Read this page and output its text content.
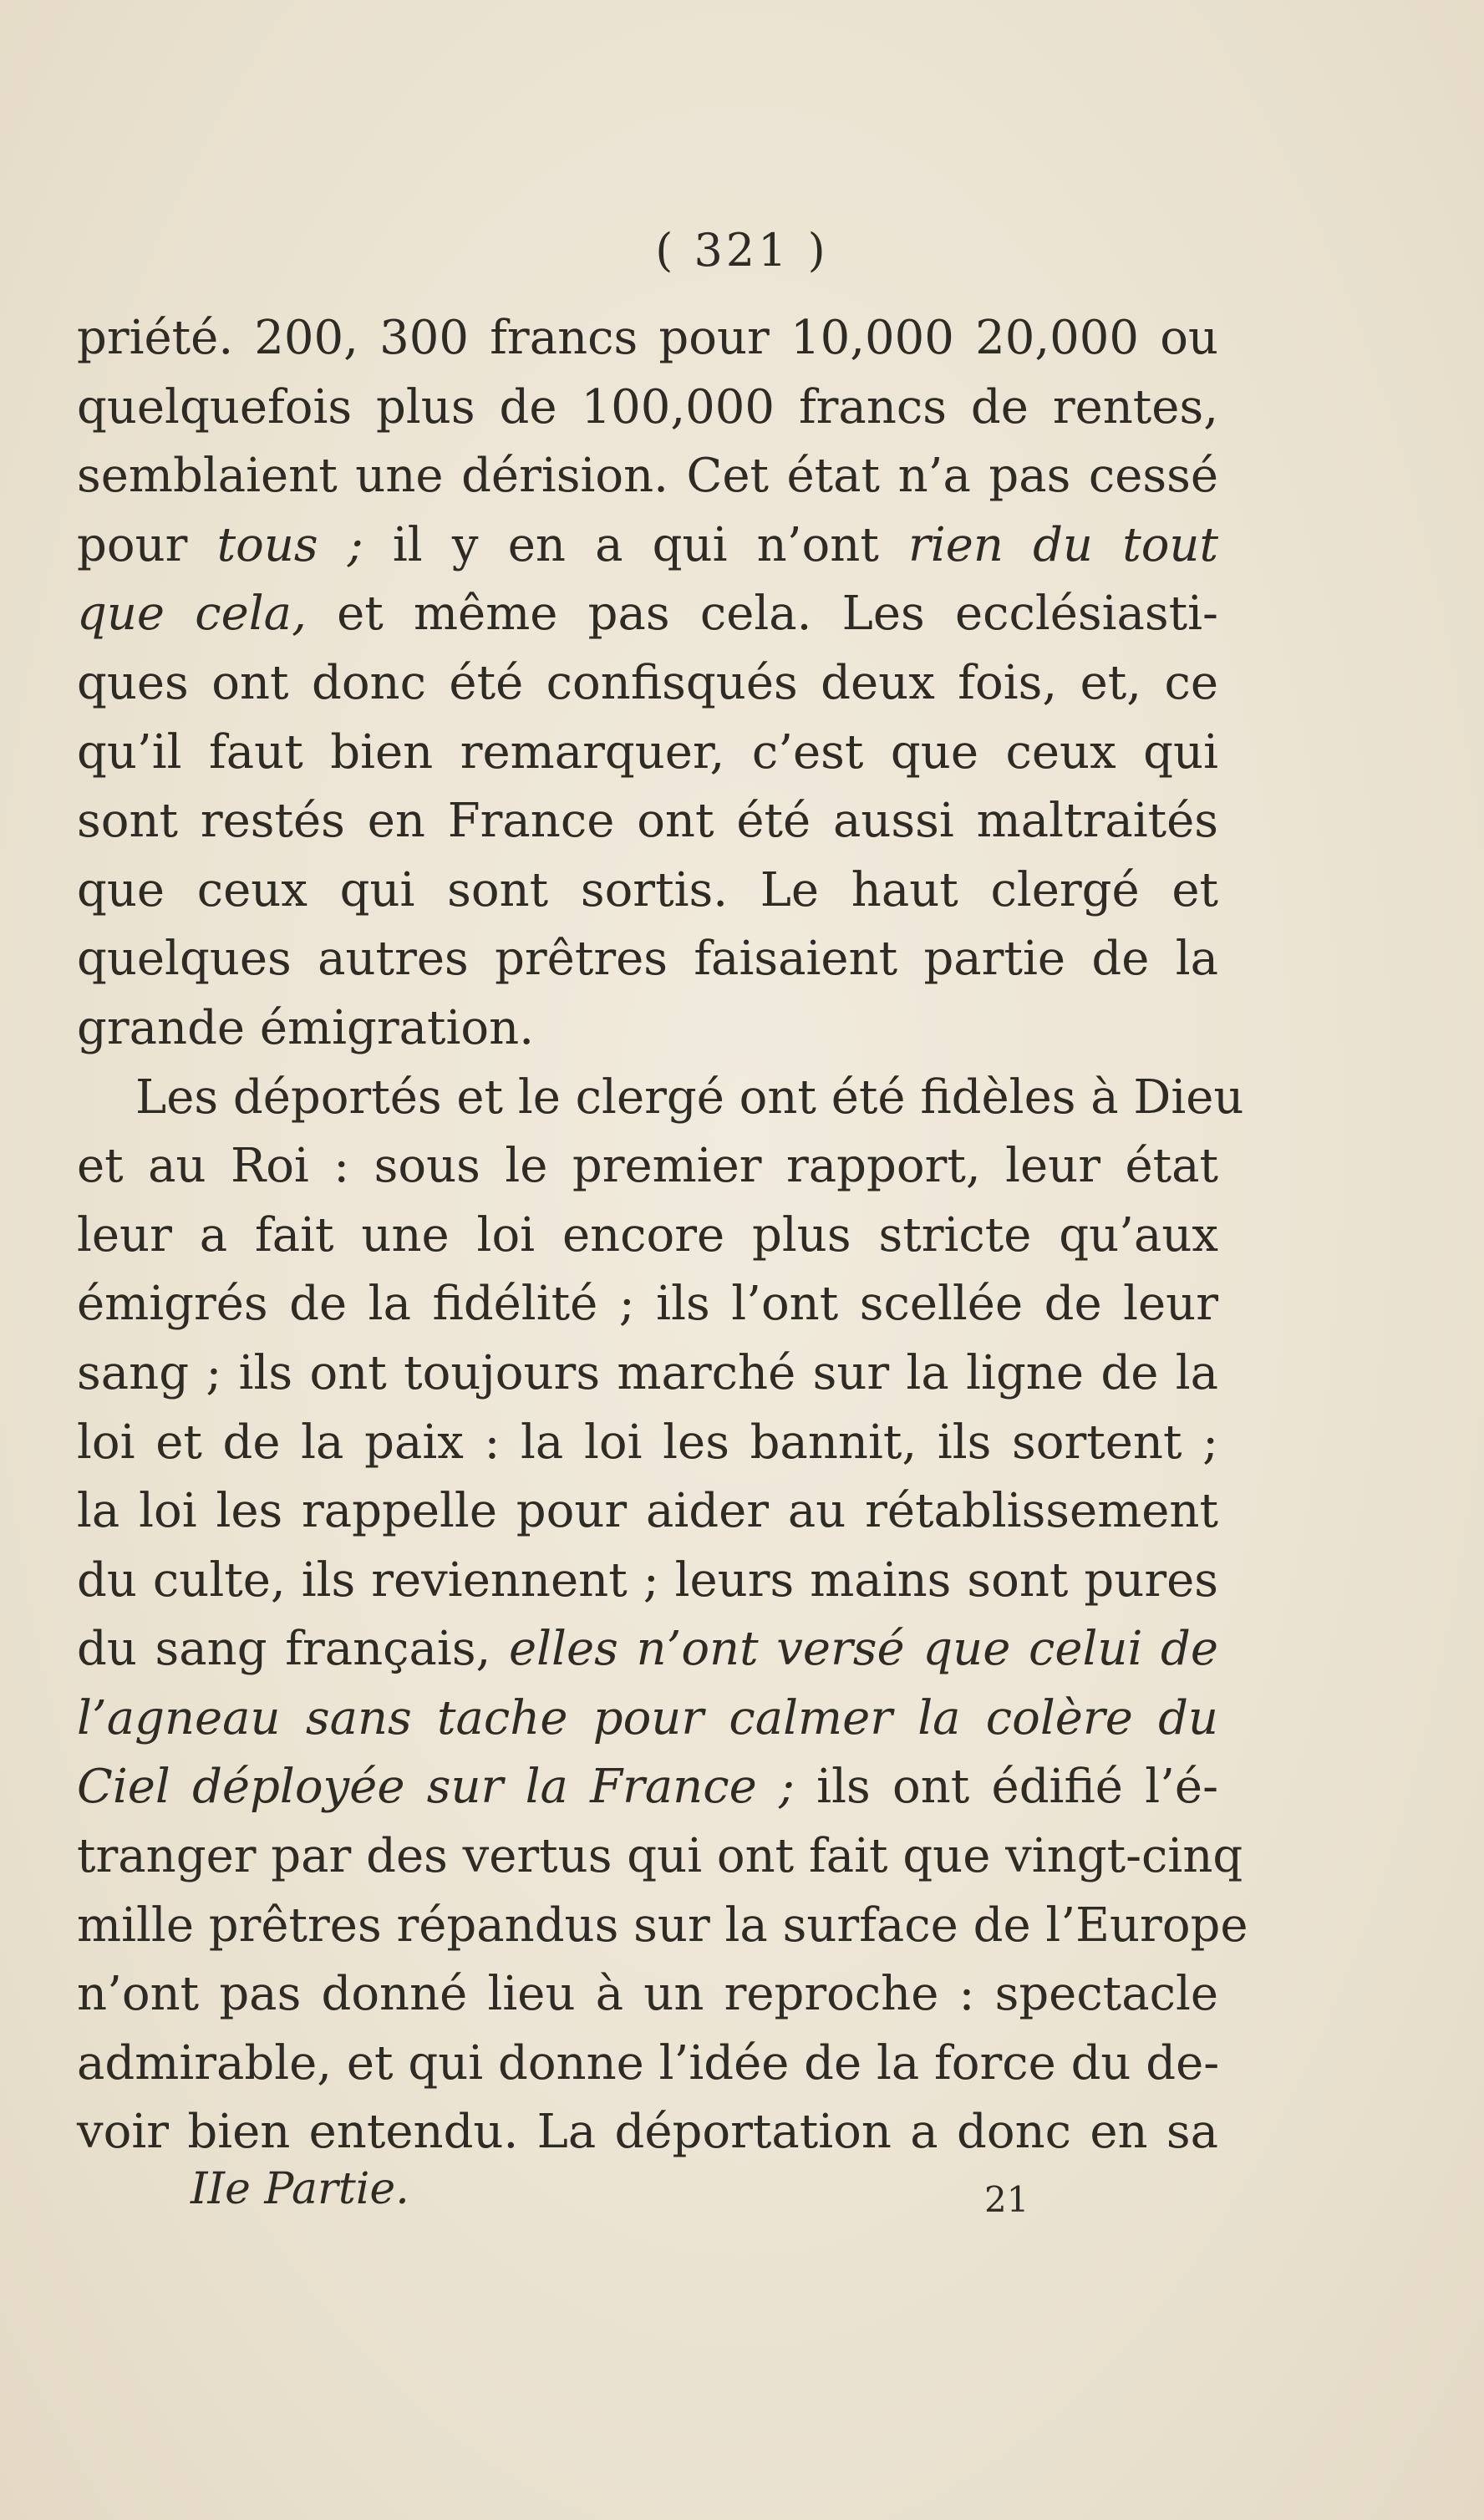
( 321 )
priété. 200, 300 francs pour 10,000 20,000 ou
quelquefois plus de 100,000 francs de rentes,
semblaient une dérision. Cet état n’a pas cessé
pour tous ; il y en a qui n’ont rien du tout
que cela, et même pas cela. Les ecclésiasti-
ques ont donc été confisqués deux fois, et, ce
qu’il faut bien remarquer, c’est que ceux qui
sont restés en France ont été aussi maltraités
que ceux qui sont sortis. Le haut clergé et
quelques autres prêtres faisaient partie de la
grande émigration.
Les déportés et le clergé ont été fidèles à Dieu
et au Roi : sous le premier rapport, leur état
leur a fait une loi encore plus stricte qu’aux
émigrés de la fidélité ; ils l’ont scellée de leur
sang ; ils ont toujours marché sur la ligne de la
loi et de la paix : la loi les bannit, ils sortent ;
la loi les rappelle pour aider au rétablissement
du culte, ils reviennent ; leurs mains sont pures
du sang français, elles n’ont versé que celui de
l’agneau sans tache pour calmer la colère du
Ciel déployée sur la France ; ils ont édifié l’é-
tranger par des vertus qui ont fait que vingt-cinq
mille prêtres répandus sur la surface de l’Europe
n’ont pas donné lieu à un reproche : spectacle
admirable, et qui donne l’idée de la force du de-
voir bien entendu. La déportation a donc en sa
IIe Partie.	21
